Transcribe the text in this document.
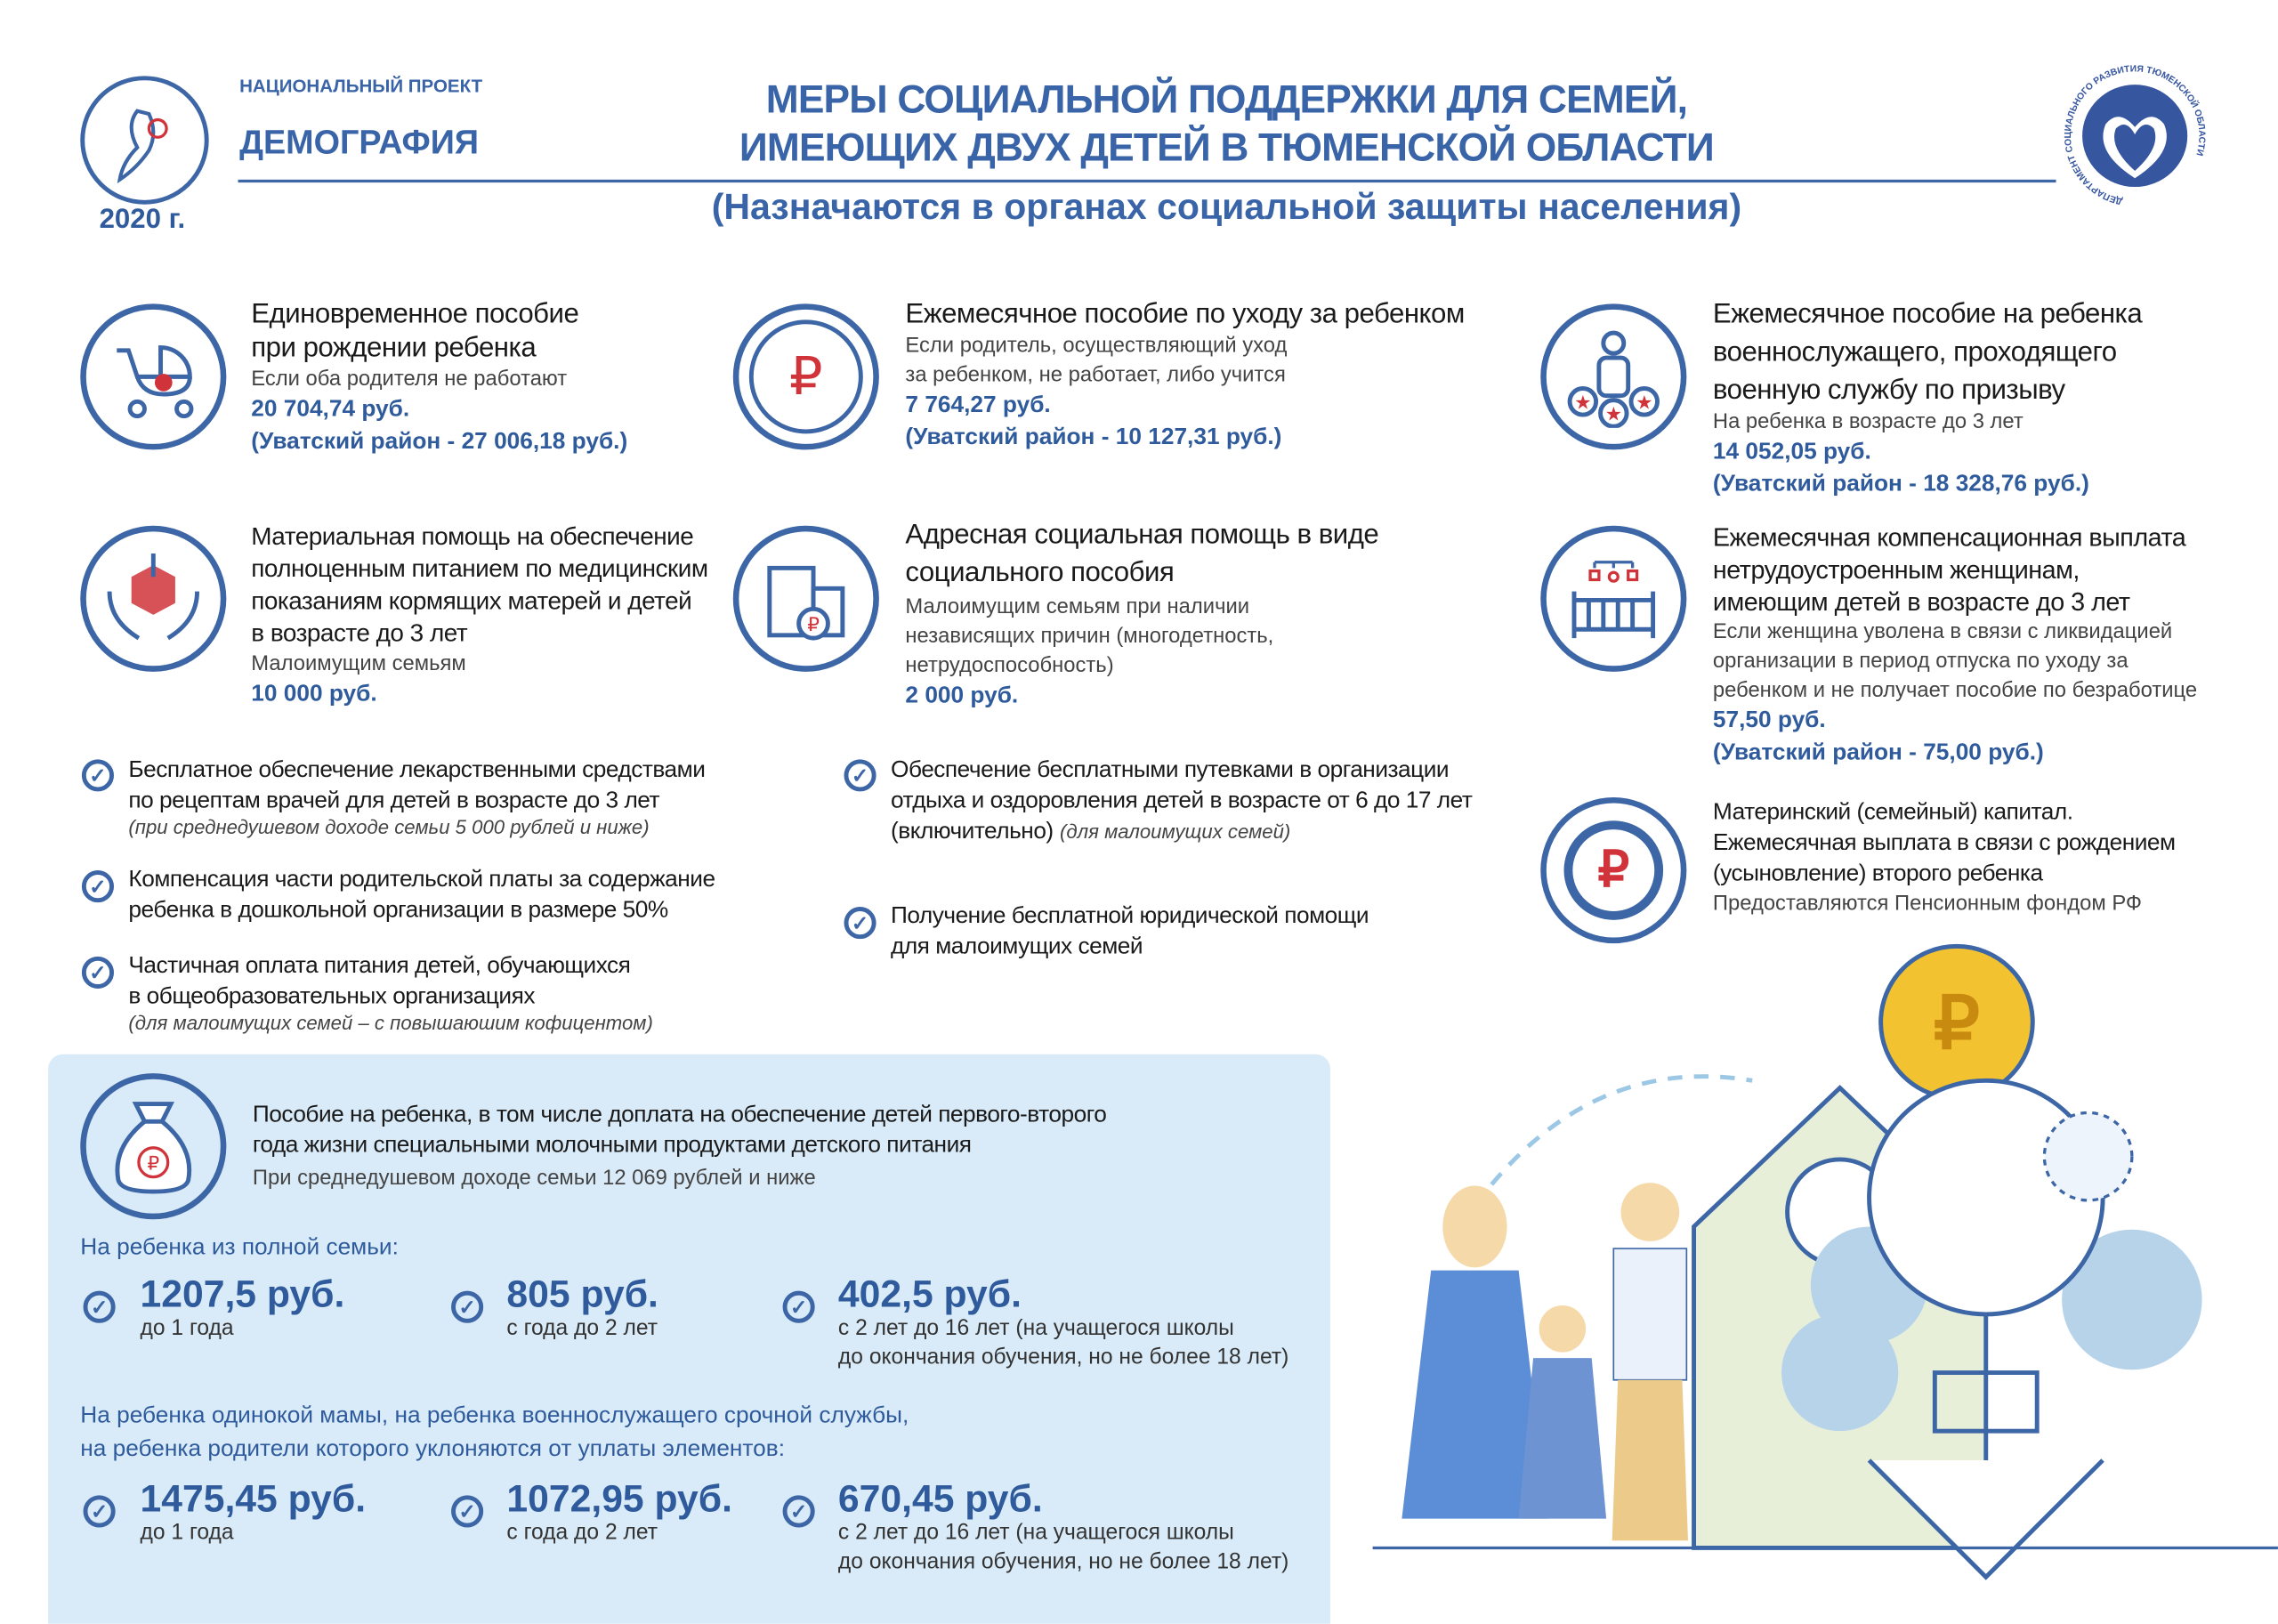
2020 г.
НАЦИОНАЛЬНЫЙ ПРОЕКТ
ДЕМОГРАФИЯ
МЕРЫ СОЦИАЛЬНОЙ ПОДДЕРЖКИ ДЛЯ СЕМЕЙ,
ИМЕЮЩИХ ДВУХ ДЕТЕЙ В ТЮМЕНСКОЙ ОБЛАСТИ
(Назначаются в органах социальной защиты населения)	ДЕПАРТАМЕНТ СОЦИАЛЬНОГО РАЗВИТИЯ ТЮМЕНСКОЙ ОБЛАСТИ
Единовременное пособие
при рождении ребенка
Если оба родителя не работают
20 704,74 руб.
(Уватский район - 27 006,18 руб.)
₽
Ежемесячное пособие по уходу за ребенком
Если родитель, осуществляющий уход
за ребенком, не работает, либо учится
7 764,27 руб.
(Уватский район - 10 127,31 руб.)
★
★
★
Ежемесячное пособие на ребенка
военнослужащего, проходящего
военную службу по призыву
На ребенка в возрасте до 3 лет
14 052,05 руб.
(Уватский район - 18 328,76 руб.)
Материальная помощь на обеспечение
полноценным питанием по медицинским
показаниям кормящих матерей и детей
в возрасте до 3 лет
Малоимущим семьям
10 000 руб.
₽
Адресная социальная помощь в виде
социального пособия
Малоимущим семьям при наличии
независящих причин (многодетность,
нетрудоспособность)
2 000 руб.
Ежемесячная компенсационная выплата
нетрудоустроенным женщинам,
имеющим детей в возрасте до 3 лет
Если женщина уволена в связи с ликвидацией
организации в период отпуска по уходу за
ребенком и не получает пособие по безработице
57,50 руб.
(Уватский район - 75,00 руб.)
₽
Материнский (семейный) капитал.
Ежемесячная выплата в связи с рождением
(усыновление) второго ребенка
Предоставляются Пенсионным фондом РФ
✓	Бесплатное обеспечение лекарственными средствами
по рецептам врачей для детей в возрасте до 3 лет
(при среднедушевом доходе семьи 5 000 рублей и ниже)
✓	Компенсация части родительской платы за содержание
ребенка в дошкольной организации в размере 50%
✓	Частичная оплата питания детей, обучающихся
в общеобразовательных организациях
(для малоимущих семей – с повышаюшим кофицентом)
✓	Обеспечение бесплатными путевками в организации
отдыха и оздоровления детей в возрасте от 6 до 17 лет
(включительно) (для малоимущих семей)
✓	Получение бесплатной юридической помощи
для малоимущих семей
₽
Пособие на ребенка, в том числе доплата на обеспечение детей первого-второго
года жизни специальными молочными продуктами детского питания
При среднедушевом доходе семьи 12 069 рублей и ниже
На ребенка из полной семьи:
✓	1207,5 руб.
до 1 года
✓	805 руб.
с года до 2 лет
✓	402,5 руб.
с 2 лет до 16 лет (на учащегося школы
до окончания обучения, но не более 18 лет)
На ребенка одинокой мамы, на ребенка военнослужащего срочной службы,
на ребенка родители которого уклоняются от уплаты элементов:
✓	1475,45 руб.
до 1 года
✓	1072,95 руб.
с года до 2 лет
✓	670,45 руб.
с 2 лет до 16 лет (на учащегося школы
до окончания обучения, но не более 18 лет)
₽
